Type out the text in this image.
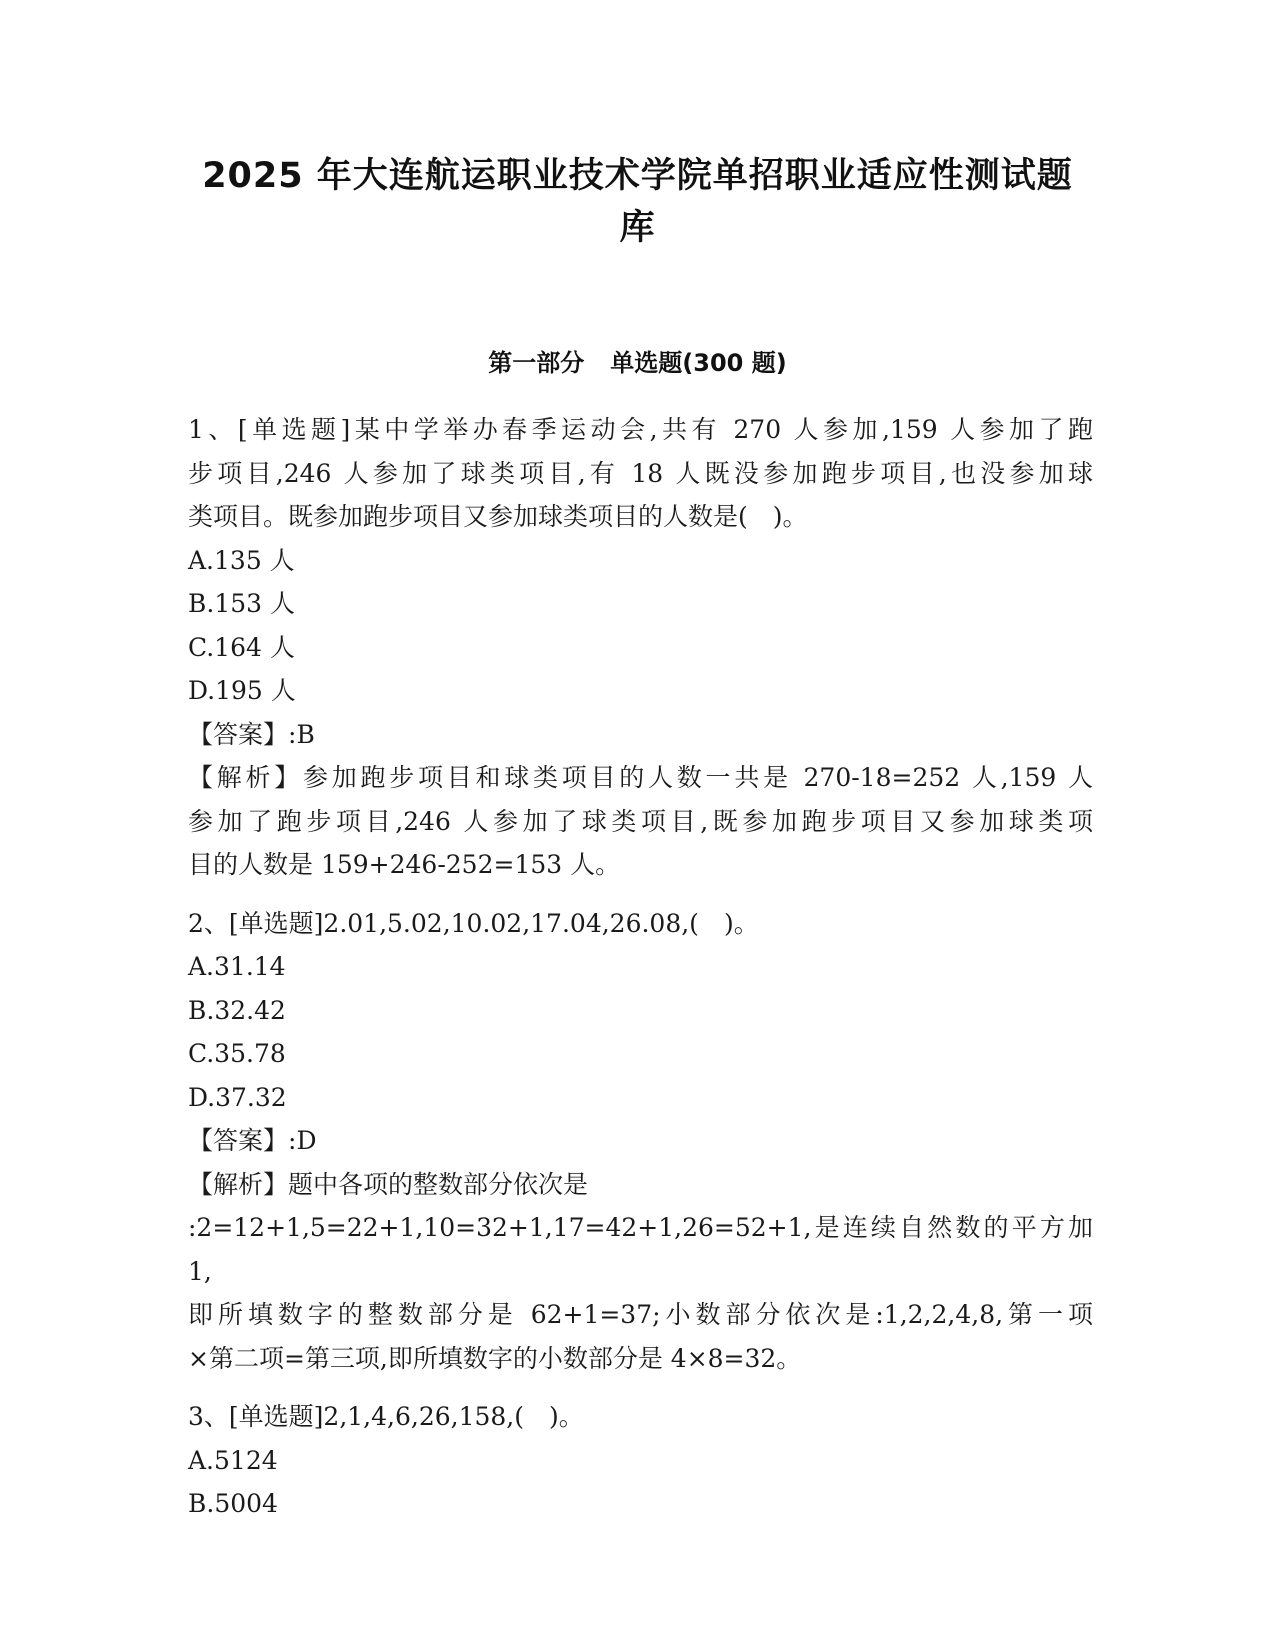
2025 年大连航运职业技术学院单招职业适应性测试题
库
第一部分 单选题(300 题)
1、[单选题]某中学举办春季运动会,共有 270 人参加,159 人参加了跑
步项目,246 人参加了球类项目,有 18 人既没参加跑步项目,也没参加球
类项目。既参加跑步项目又参加球类项目的人数是( )。
A.135 人
B.153 人
C.164 人
D.195 人
【答案】:B
【解析】参加跑步项目和球类项目的人数一共是 270-18=252 人,159 人
参加了跑步项目,246 人参加了球类项目,既参加跑步项目又参加球类项
目的人数是 159+246-252=153 人。
2、[单选题]2.01,5.02,10.02,17.04,26.08,( )。
A.31.14
B.32.42
C.35.78
D.37.32
【答案】:D
【解析】题中各项的整数部分依次是
:2=12+1,5=22+1,10=32+1,17=42+1,26=52+1,是连续自然数的平方加 1,
即所填数字的整数部分是 62+1=37;小数部分依次是:1,2,2,4,8,第一项
×第二项=第三项,即所填数字的小数部分是 4×8=32。
3、[单选题]2,1,4,6,26,158,( )。
A.5124
B.5004
